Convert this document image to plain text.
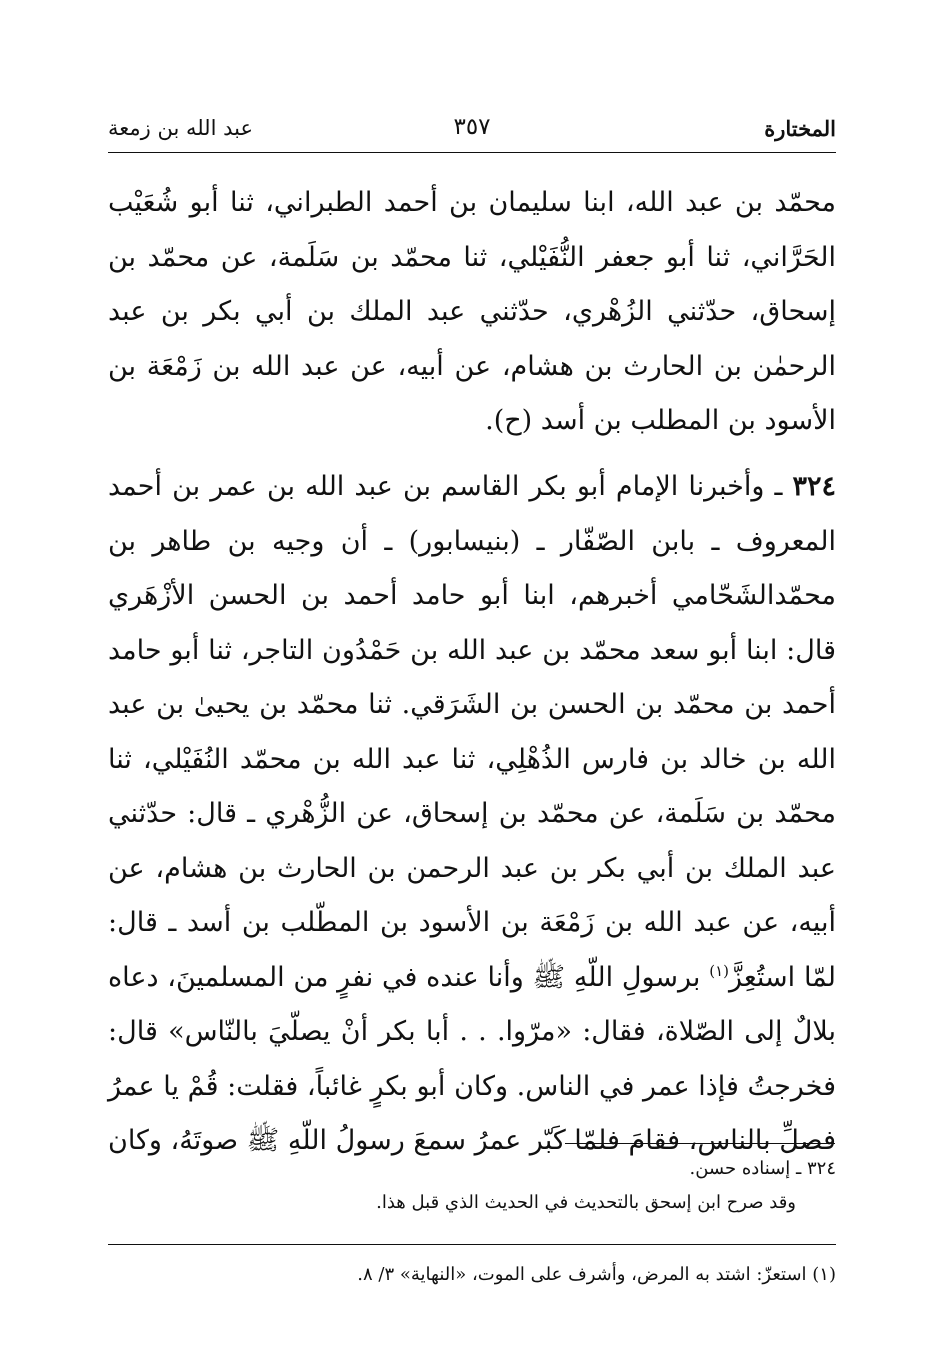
المختارة
٣٥٧
عبد الله بن زمعة
محمّد بن عبد الله، ابنا سليمان بن أحمد الطبراني، ثنا أبو شُعَيْب الحَرَّاني، ثنا أبو جعفر النُّفَيْلي، ثنا محمّد بن سَلَمة، عن محمّد بن إسحاق، حدّثني الزُهْري، حدّثني عبد الملك بن أبي بكر بن عبد الرحمٰن بن الحارث بن هشام، عن أبيه، عن عبد الله بن زَمْعَة بن الأسود بن المطلب بن أسد (ح).
٣٢٤ ـ وأخبرنا الإمام أبو بكر القاسم بن عبد الله بن عمر بن أحمد المعروف ـ بابن الصّفّار ـ (بنيسابور) ـ أن وجيه بن طاهر بن محمّدالشَحّامي أخبرهم، ابنا أبو حامد أحمد بن الحسن الأزْهَري قال: ابنا أبو سعد محمّد بن عبد الله بن حَمْدُون التاجر، ثنا أبو حامد أحمد بن محمّد بن الحسن بن الشَرَقي. ثنا محمّد بن يحيىٰ بن عبد الله بن خالد بن فارس الذُهْلِي، ثنا عبد الله بن محمّد النُفَيْلي، ثنا محمّد بن سَلَمة، عن محمّد بن إسحاق، عن الزُّهْري ـ قال: حدّثني عبد الملك بن أبي بكر بن عبد الرحمن بن الحارث بن هشام، عن أبيه، عن عبد الله بن زَمْعَة بن الأسود بن المطّلب بن أسد ـ قال: لمّا استُعِزَّ$^{(١)}$ برسولِ اللّهِ ﷺ وأنا عنده في نفرٍ من المسلمينَ، دعاه بلالٌ إلى الصّلاة، فقال: «مرّوا. . . أبا بكر أنْ يصلّيَ بالنّاس» قال: فخرجتُ فإذا عمر في الناس. وكان أبو بكرٍ غائباً، فقلت: قُمْ يا عمرُ فصلِّ بالناس، فقامَ فلمّا كَبّر عمرُ سمعَ رسولُ اللّهِ ﷺ صوتَهُ، وكان
٣٢٤ ـ إسناده حسن.
وقد صرح ابن إسحق بالتحديث في الحديث الذي قبل هذا.
(١) استعزّ: اشتد به المرض، وأشرف على الموت، «النهاية» ٣/ ٨.
